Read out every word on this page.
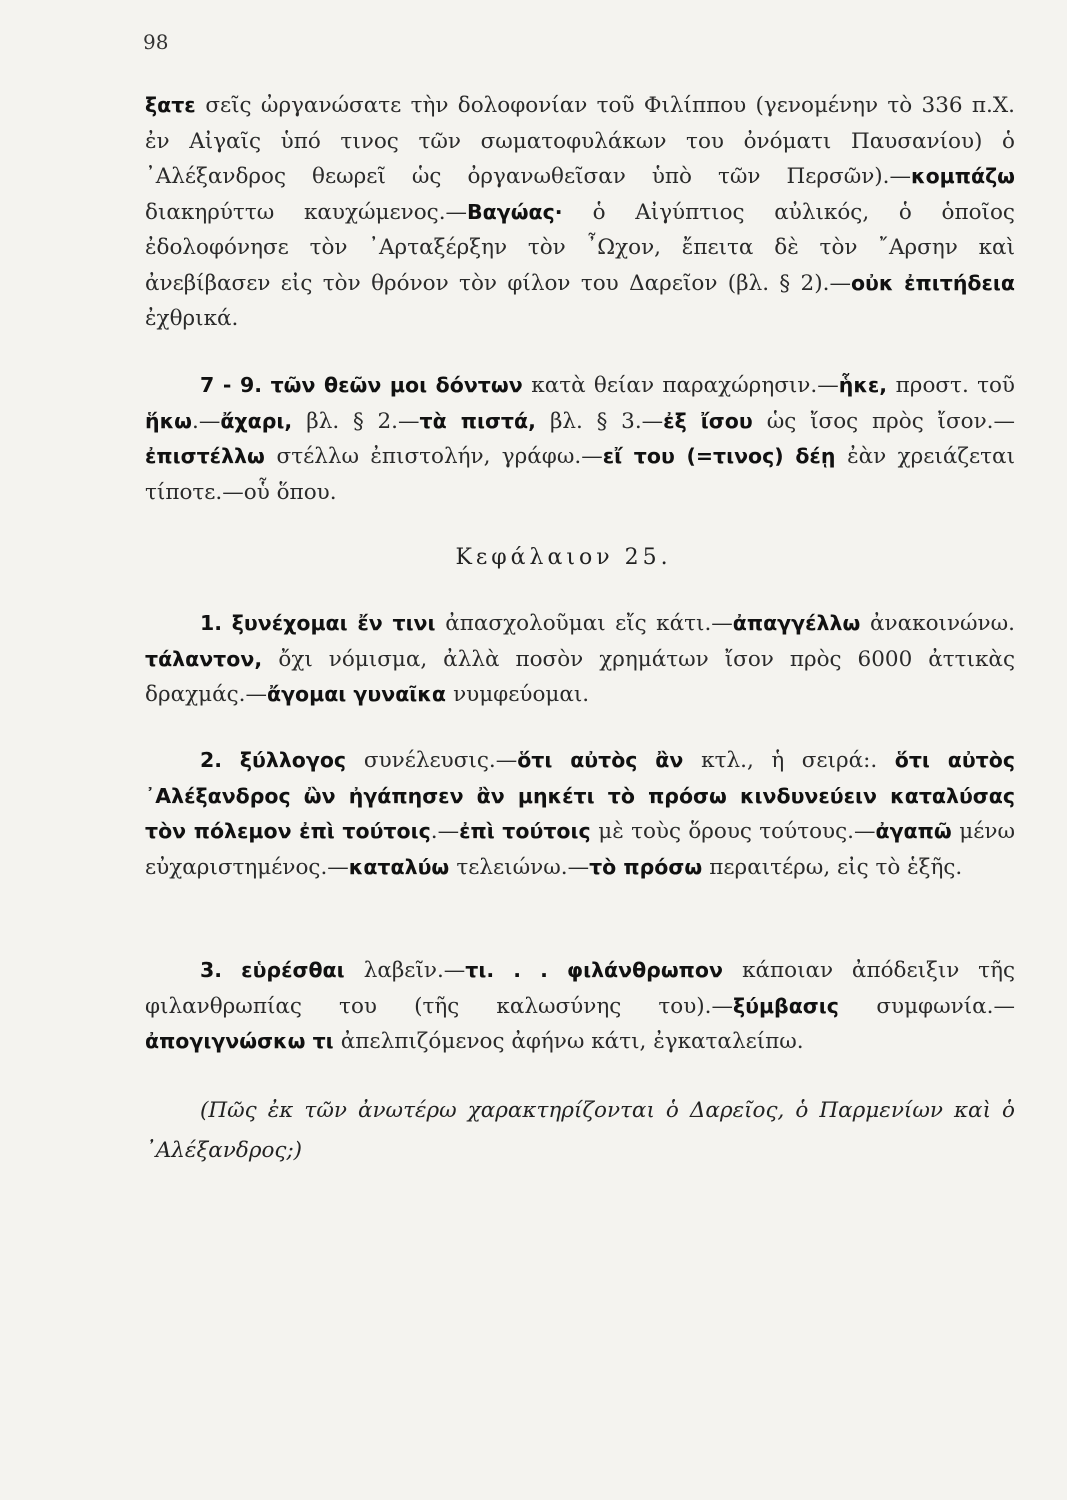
98
ξατε σεῖς ὠργανώσατε τὴν δολοφονίαν τοῦ Φιλίππου (γενομένην τὸ 336 π.Χ. ἐν Αἰγαῖς ὑπό τινος τῶν σωματοφυλάκων του ὀνόματι Παυσανίου) ὁ ᾿Αλέξανδρος θεωρεῖ ὡς ὀργανωθεῖσαν ὑπὸ τῶν Περσῶν).—κομπάζω διακηρύττω καυχώμενος.—Βαγώας· ὁ Αἰγύπτιος αὐλικός, ὁ ὁποῖος ἐδολοφόνησε τὸν ᾿Αρταξέρξην τὸν ῏Ωχον, ἔπειτα δὲ τὸν ῎Αρσην καὶ ἀνεβίβασεν εἰς τὸν θρόνον τὸν φίλον του Δαρεῖον (βλ. § 2).—οὐκ ἐπιτήδεια ἐχθρικά.
7 - 9. τῶν θεῶν μοι δόντων κατὰ θείαν παραχώρησιν.—ἧκε, προστ. τοῦ ἥκω.—ἄχαρι, βλ. § 2.—τὰ πιστά, βλ. § 3.—ἐξ ἴσου ὡς ἴσος πρὸς ἴσον.—ἐπιστέλλω στέλλω ἐπιστολήν, γράφω.—εἴ του (=τινος) δέῃ ἐὰν χρειάζεται τίποτε.—οὗ ὅπου.
Κεφάλαιον 25.
1. ξυνέχομαι ἔν τινι ἀπασχολοῦμαι εἴς κάτι.—ἀπαγγέλλω ἀνακοινώνω. τάλαντον, ὄχι νόμισμα, ἀλλὰ ποσὸν χρημάτων ἴσον πρὸς 6000 ἀττικὰς δραχμάς.—ἄγομαι γυναῖκα νυμφεύομαι.
2. ξύλλογος συνέλευσις.—ὅτι αὐτὸς ἂν κτλ., ἡ σειρά:. ὅτι αὐτὸς ᾿Αλέξανδρος ὢν ἠγάπησεν ἂν μηκέτι τὸ πρόσω κινδυνεύειν καταλύσας τὸν πόλεμον ἐπὶ τούτοις.—ἐπὶ τούτοις μὲ τοὺς ὅρους τούτους.—ἀγαπῶ μένω εὐχαριστημένος.—καταλύω τελειώνω.—τὸ πρόσω περαιτέρω, εἰς τὸ ἑξῆς.
3. εὑρέσθαι λαβεῖν.—τι. . . φιλάνθρωπον κάποιαν ἀπόδειξιν τῆς φιλανθρωπίας του (τῆς καλωσύνης του).—ξύμβασις συμφωνία.—ἀπογιγνώσκω τι ἀπελπιζόμενος ἀφήνω κάτι, ἐγκαταλείπω.
(Πῶς ἐκ τῶν ἀνωτέρω χαρακτηρίζονται ὁ Δαρεῖος, ὁ Παρμενίων καὶ ὁ ᾿Αλέξανδρος;)
